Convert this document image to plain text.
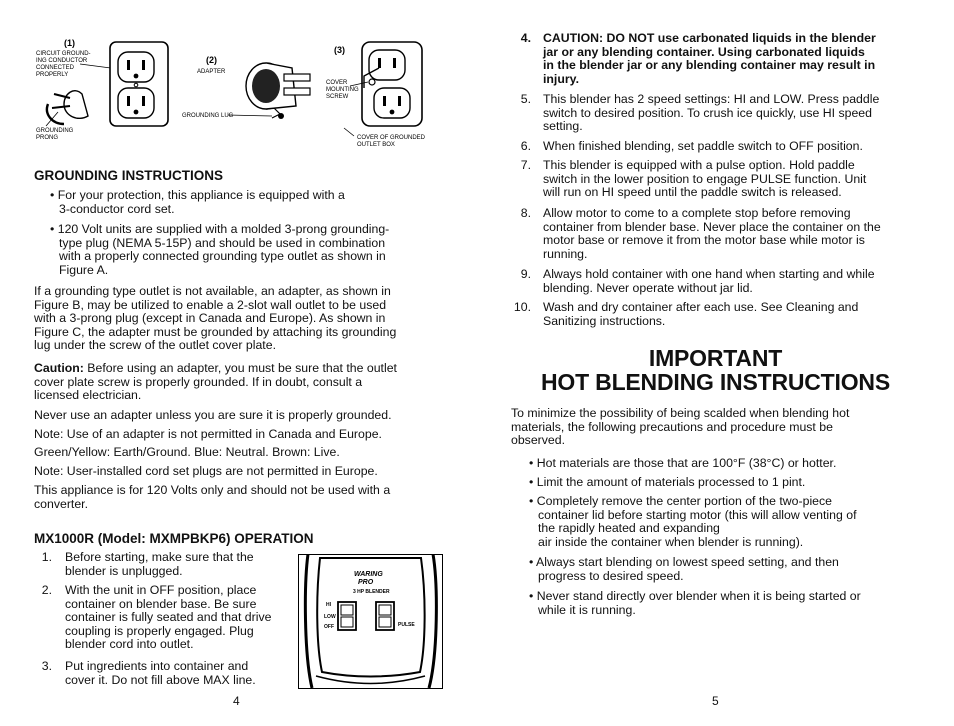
(1)
CIRCUIT GROUND-
ING CONDUCTOR
CONNECTED
PROPERLY
GROUNDING
PRONG
(2)
ADAPTER
GROUNDING LUG
(3)
COVER
MOUNTING
SCREW
COVER OF GROUNDED
OUTLET BOX
GROUNDING INSTRUCTIONS
• For your protection, this appliance is equipped with a
3-conductor cord set.
• 120 Volt units are supplied with a molded 3-prong grounding-
type plug (NEMA 5-15P) and should be used in combination
with a properly connected grounding type outlet as shown in
Figure A.

If a grounding type outlet is not available, an adapter, as shown in
Figure B, may be utilized to enable a 2-slot wall outlet to be used
with a 3-prong plug (except in Canada and Europe). As shown in
Figure C, the adapter must be grounded by attaching its grounding
lug under the screw of the outlet cover plate.

Caution: Before using an adapter, you must be sure that the outlet
cover plate screw is properly grounded. If in doubt, consult a
licensed electrician.

Never use an adapter unless you are sure it is properly grounded.

Note: Use of an adapter is not permitted in Canada and Europe.

Green/Yellow: Earth/Ground. Blue: Neutral. Brown: Live.

Note: User-installed cord set plugs are not permitted in Europe.

This appliance is for 120 Volts only and should not be used with a
converter.

MX1000R (Model: MXMPBKP6) OPERATION
1. Before starting, make sure that the
blender is unplugged.
2. With the unit in OFF position, place
container on blender base. Be sure
container is fully seated and that drive
coupling is properly engaged. Plug
blender cord into outlet.
3. Put ingredients into container and
cover it. Do not fill above MAX line.
WARING
PRO
3 HP BLENDER
HI
LOW
OFF	PULSE
4
4. CAUTION: DO NOT use carbonated liquids in the blender
jar or any blending container. Using carbonated liquids
in the blender jar or any blending container may result in
injury.
5. This blender has 2 speed settings: HI and LOW. Press paddle
switch to desired position. To crush ice quickly, use HI speed
setting.
6. When finished blending, set paddle switch to OFF position.
7. This blender is equipped with a pulse option. Hold paddle
switch in the lower position to engage PULSE function. Unit
will run on HI speed until the paddle switch is released.
8. Allow motor to come to a complete stop before removing
container from blender base. Never place the container on the
motor base or remove it from the motor base while motor is
running.
9. Always hold container with one hand when starting and while
blending. Never operate without jar lid.
10. Wash and dry container after each use. See Cleaning and
Sanitizing instructions.
IMPORTANT
HOT BLENDING INSTRUCTIONS

To minimize the possibility of being scalded when blending hot
materials, the following precautions and procedure must be
observed.

• Hot materials are those that are 100°F (38°C) or hotter.
• Limit the amount of materials processed to 1 pint.
• Completely remove the center portion of the two-piece
container lid before starting motor (this will allow venting of
the rapidly heated and expanding
air inside the container when blender is running).
• Always start blending on lowest speed setting, and then
progress to desired speed.
• Never stand directly over blender when it is being started or
while it is running.
5
